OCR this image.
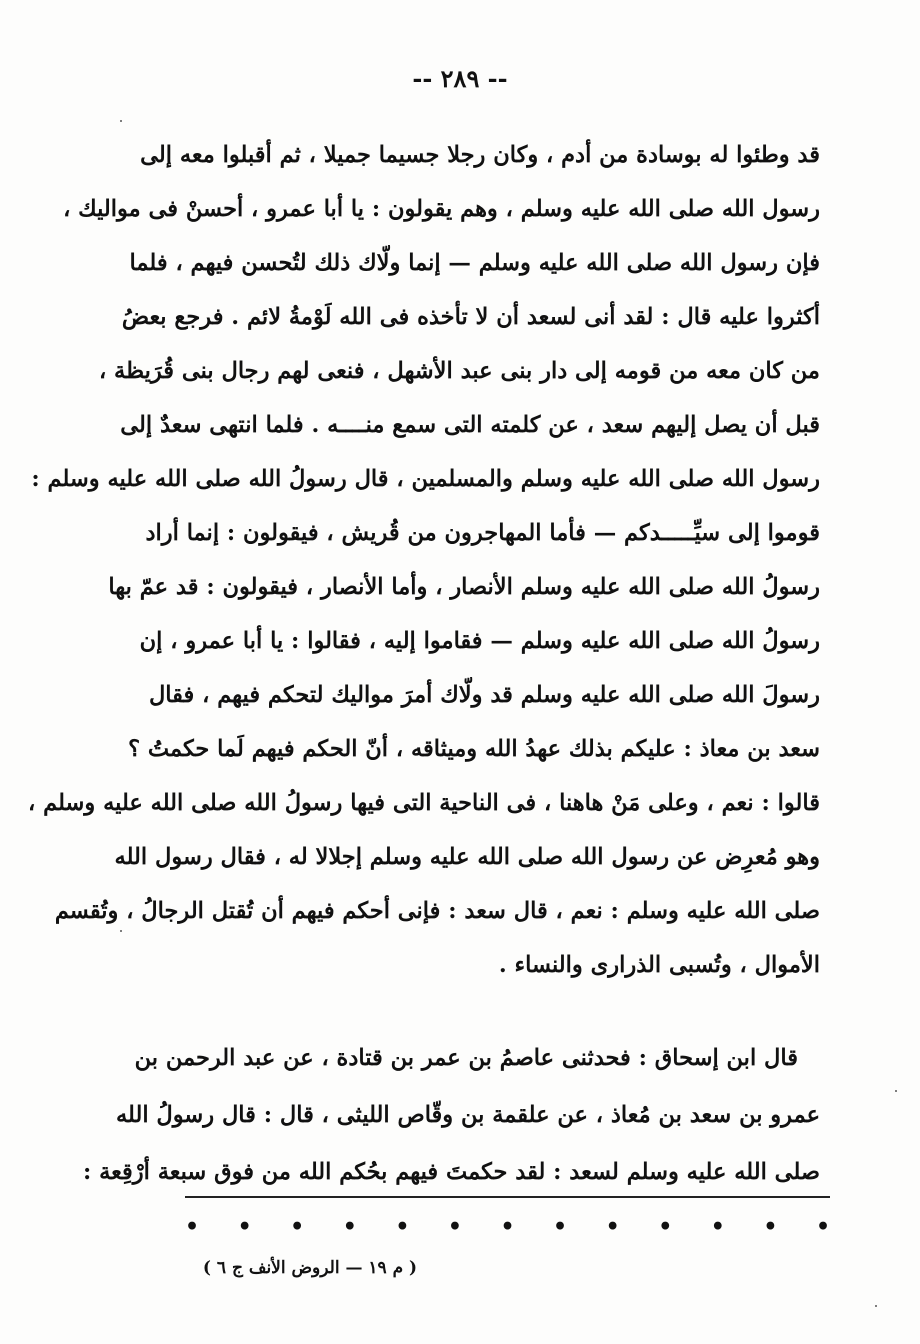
-- ٢٨٩ --
قد وطئوا له بوسادة من أدم ، وكان رجلا جسيما جميلا ، ثم أقبلوا معه إلى
رسول الله صلى الله عليه وسلم ، وهم يقولون : يا أبا عمرو ، أحسنْ فى مواليك ،
فإن رسول الله صلى الله عليه وسلم — إنما ولّاك ذلك لتُحسن فيهم ، فلما
أكثروا عليه قال : لقد أنى لسعد أن لا تأخذه فى الله لَوْمةُ لائم . فرجع بعضُ
من كان معه من قومه إلى دار بنى عبد الأشهل ، فنعى لهم رجال بنى قُرَيظة ،
قبل أن يصل إليهم سعد ، عن كلمته التى سمع منــــه . فلما انتهى سعدٌ إلى
رسول الله صلى الله عليه وسلم والمسلمين ، قال رسولُ الله صلى الله عليه وسلم :
قوموا إلى سيِّـــــدكم — فأما المهاجرون من قُريش ، فيقولون : إنما أراد
رسولُ الله صلى الله عليه وسلم الأنصار ، وأما الأنصار ، فيقولون : قد عمّ بها
رسولُ الله صلى الله عليه وسلم — فقاموا إليه ، فقالوا : يا أبا عمرو ، إن
رسولَ الله صلى الله عليه وسلم قد ولّاك أمرَ مواليك لتحكم فيهم ، فقال
سعد بن معاذ : عليكم بذلك عهدُ الله وميثاقه ، أنّ الحكم فيهم لَما حكمتُ ؟
قالوا : نعم ، وعلى مَنْ هاهنا ، فى الناحية التى فيها رسولُ الله صلى الله عليه وسلم ،
وهو مُعرِض عن رسول الله صلى الله عليه وسلم إجلالا له ، فقال رسول الله
صلى الله عليه وسلم : نعم ، قال سعد : فإنى أحكم فيهم أن تُقتل الرجالُ ، وتُقسم
الأموال ، وتُسبى الذرارى والنساء .
قال ابن إسحاق : فحدثنى عاصمُ بن عمر بن قتادة ، عن عبد الرحمن بن
عمرو بن سعد بن مُعاذ ، عن علقمة بن وقّاص الليثى ، قال : قال رسولُ الله
صلى الله عليه وسلم لسعد : لقد حكمتَ فيهم بحُكم الله من فوق سبعة أرْقِعة :
• • • • • • • • • • • • •
( م ١٩ — الروض الأنف ج ٦ )
